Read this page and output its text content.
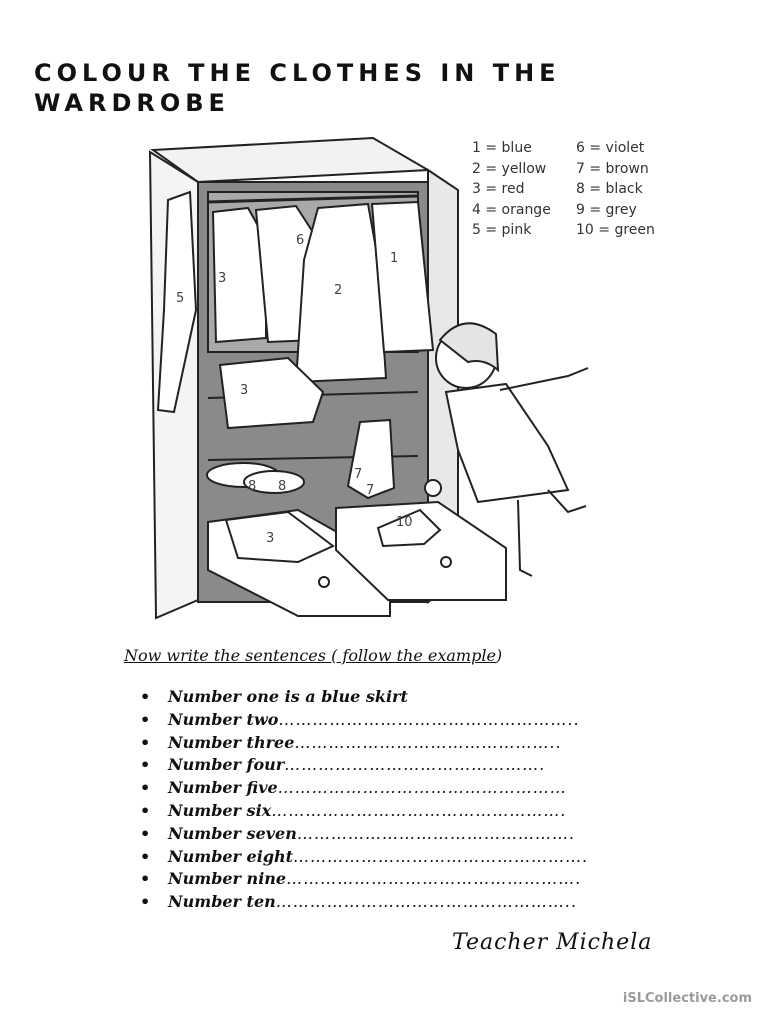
COLOUR THE CLOTHES IN THE
WARDROBE
5
3
6
2
1
3
8 8
7
7
3
10
1 = blue
2 = yellow
3 = red
4 = orange
5 = pink
6 = violet
7 = brown
8 = black
9 = grey
10 = green
Now write the sentences ( follow the example)
• Number one is a blue skirt
• Number two……………………………………………..
• Number three………………………………………..
• Number four……………………………………….
• Number five……………………………………………
• Number six…………………………………………….
• Number seven………………………………………….
• Number eight…………………………………………….
• Number nine…………………………………………….
• Number ten……………………………………………..
Teacher Michela
iSLCollective.com
